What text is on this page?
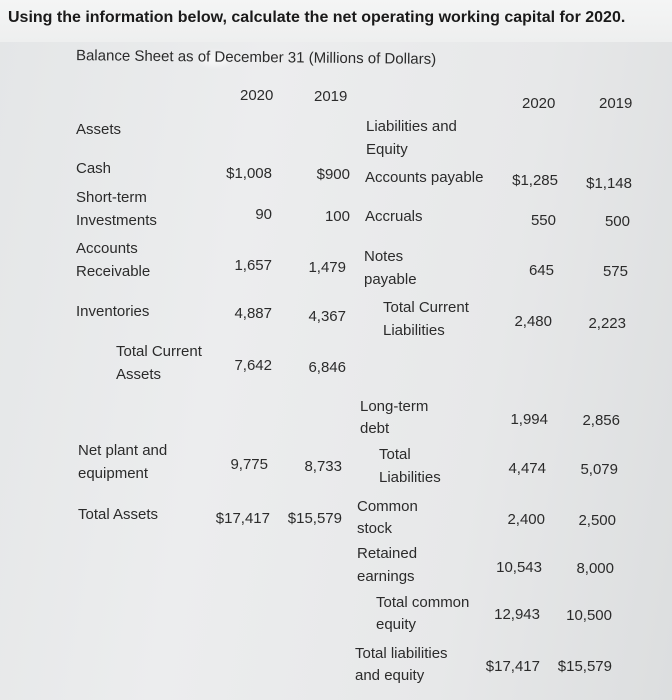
Using the information below, calculate the net operating working capital for 2020.
Balance Sheet as of December 31 (Millions of Dollars)
2020	2019	2020	2019
Assets
Cash	$1,008	$900
Short-term
Investments	90	100
Accounts
Receivable	1,657	1,479
Inventories	4,887	4,367
Total Current
Assets
7,642	6,846
Net plant and
equipment
9,775	8,733
Total Assets	$17,417	$15,579
Liabilities and
Equity
Accounts payable	$1,285	$1,148
Accruals	550	500
Notes
payable
645	575
Total Current
Liabilities
2,480	2,223
Long-term
debt
1,994	2,856
Total
Liabilities
4,474	5,079
Common
stock
2,400	2,500
Retained
earnings
10,543	8,000
Total common
equity
12,943	10,500
Total liabilities
and equity
$17,417	$15,579
